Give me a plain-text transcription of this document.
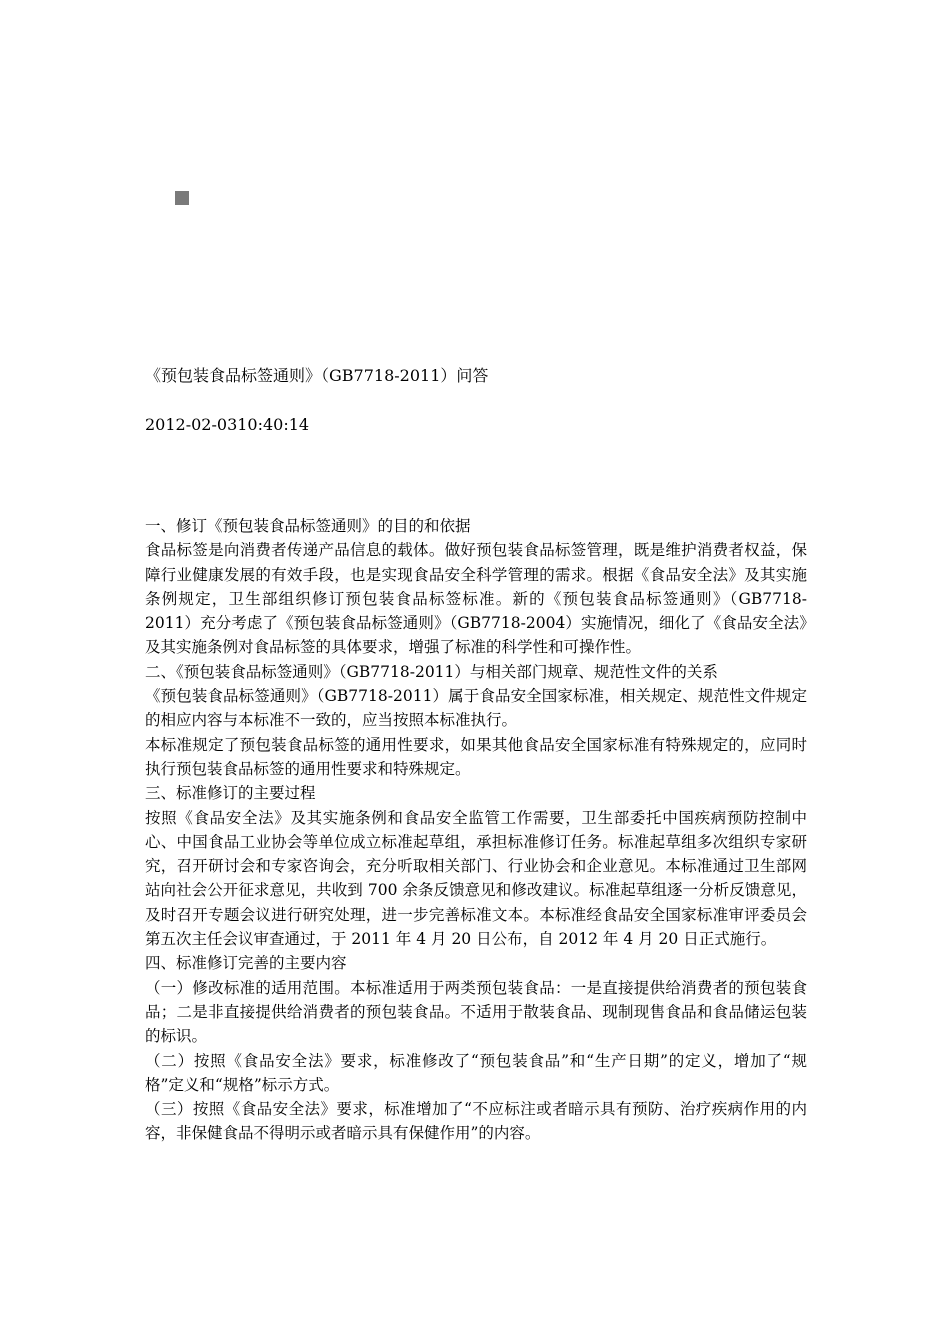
《预包装食品标签通则》（GB7718-2011）问答
2012-02-0310:40:14

一、修订《预包装食品标签通则》的目的和依据

食品标签是向消费者传递产品信息的载体。做好预包装食品标签管理，既是维护消费者权益，保障行业健康发展的有效手段，也是实现食品安全科学管理的需求。根据《食品安全法》及其实施条例规定，卫生部组织修订预包装食品标签标准。新的《预包装食品标签通则》（GB7718-2011）充分考虑了《预包装食品标签通则》（GB7718-2004）实施情况，细化了《食品安全法》及其实施条例对食品标签的具体要求，增强了标准的科学性和可操作性。

二、《预包装食品标签通则》（GB7718-2011）与相关部门规章、规范性文件的关系

《预包装食品标签通则》（GB7718-2011）属于食品安全国家标准，相关规定、规范性文件规定的相应内容与本标准不一致的，应当按照本标准执行。

本标准规定了预包装食品标签的通用性要求，如果其他食品安全国家标准有特殊规定的，应同时执行预包装食品标签的通用性要求和特殊规定。

三、标准修订的主要过程

按照《食品安全法》及其实施条例和食品安全监管工作需要，卫生部委托中国疾病预防控制中心、中国食品工业协会等单位成立标准起草组，承担标准修订任务。标准起草组多次组织专家研究，召开研讨会和专家咨询会，充分听取相关部门、行业协会和企业意见。本标准通过卫生部网站向社会公开征求意见，共收到 700 余条反馈意见和修改建议。标准起草组逐一分析反馈意见，及时召开专题会议进行研究处理，进一步完善标准文本。本标准经食品安全国家标准审评委员会第五次主任会议审查通过，于 2011 年 4 月 20 日公布，自 2012 年 4 月 20 日正式施行。

四、标准修订完善的主要内容

（一）修改标准的适用范围。本标准适用于两类预包装食品：一是直接提供给消费者的预包装食品；二是非直接提供给消费者的预包装食品。不适用于散装食品、现制现售食品和食品储运包装的标识。

（二）按照《食品安全法》要求，标准修改了“预包装食品”和“生产日期”的定义，增加了“规格”定义和“规格”标示方式。

（三）按照《食品安全法》要求，标准增加了“不应标注或者暗示具有预防、治疗疾病作用的内容，非保健食品不得明示或者暗示具有保健作用”的内容。
